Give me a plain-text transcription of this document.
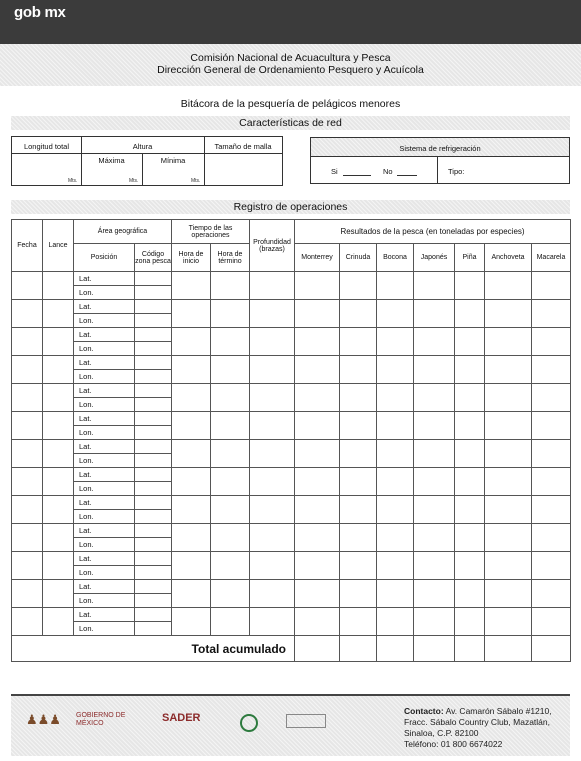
gob mx
Comisión Nacional de Acuacultura y Pesca
Dirección General de Ordenamiento Pesquero y Acuícola
Bitácora de la pesquería de pelágicos menores
Características de red
Longitud total	Altura	Tamaño de malla
Máxima	Mínima
Mts.	Mts.	Mts.
Sistema de refrigeración
Si	No	Tipo:
Registro de operaciones
Fecha	Lance	Área geográfica		Tiempo de las operaciones		Profundidad (brazas)	Resultados de la pesca (en toneladas por especies)						
		Posición	Código zona pesca	Hora de inicio	Hora de término		Monterrey	Crinuda	Bocona	Japonés	Piña	Anchoveta	Macarela
		Lat.											
		Lon.											
		Lat.											
		Lon.											
		Lat.											
		Lon.											
		Lat.											
		Lon.											
		Lat.											
		Lon.											
		Lat.											
		Lon.											
		Lat.											
		Lon.											
		Lat.											
		Lon.											
		Lat.											
		Lon.											
		Lat.											
		Lon.											
		Lat.											
		Lon.											
		Lat.											
		Lon.											
		Lat.											
		Lon.											
Total acumulado													
♟♟♟ GOBIERNO DE MÉXICO	SADER
Contacto: Av. Camarón Sábalo #1210, Fracc. Sábalo Country Club, Mazatlán, Sinaloa, C.P. 82100
Teléfono: 01 800 6674022
